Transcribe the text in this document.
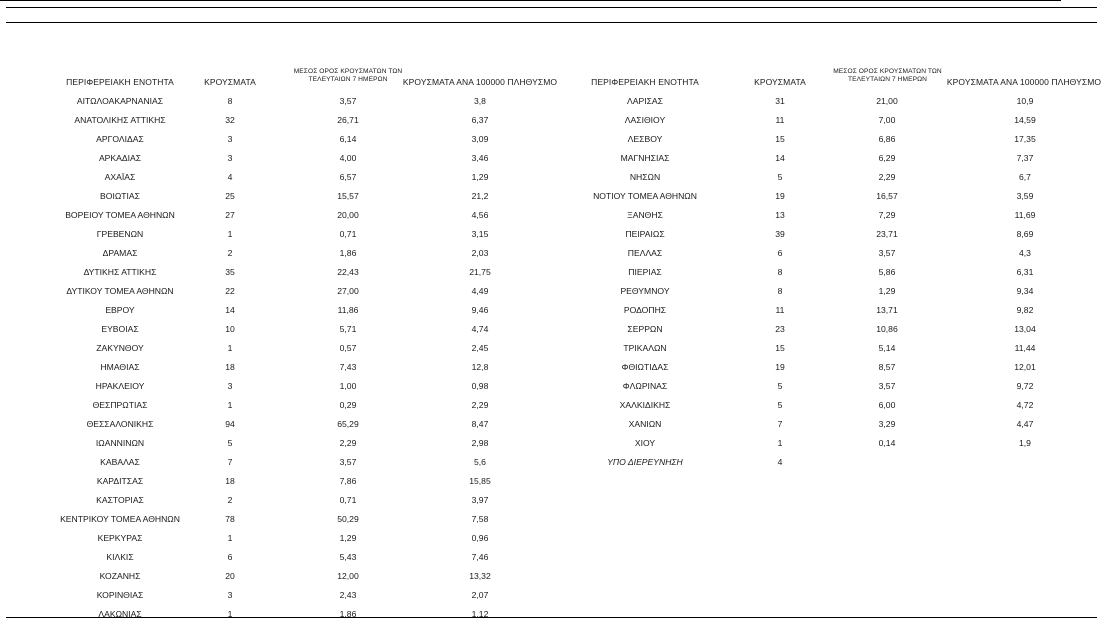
ΠΕΡΙΦΕΡΕΙΑΚΗ ΕΝΟΤΗΤΑ	ΚΡΟΥΣΜΑΤΑ
ΜΕΣΟΣ ΟΡΟΣ ΚΡΟΥΣΜΑΤΩΝ ΤΩΝ
ΤΕΛΕΥΤΑΙΩΝ 7 ΗΜΕΡΩΝ	ΚΡΟΥΣΜΑΤΑ ΑΝΑ 100000 ΠΛΗΘΥΣΜΟ	ΠΕΡΙΦΕΡΕΙΑΚΗ ΕΝΟΤΗΤΑ	ΚΡΟΥΣΜΑΤΑ
ΜΕΣΟΣ ΟΡΟΣ ΚΡΟΥΣΜΑΤΩΝ ΤΩΝ
ΤΕΛΕΥΤΑΙΩΝ 7 ΗΜΕΡΩΝ	ΚΡΟΥΣΜΑΤΑ ΑΝΑ 100000 ΠΛΗΘΥΣΜΟ
ΑΙΤΩΛΟΑΚΑΡΝΑΝΙΑΣ	8	3,57	3,8
ΑΝΑΤΟΛΙΚΗΣ ΑΤΤΙΚΗΣ	32	26,71	6,37
ΑΡΓΟΛΙΔΑΣ	3	6,14	3,09
ΑΡΚΑΔΙΑΣ	3	4,00	3,46
ΑΧΑΪΑΣ	4	6,57	1,29
ΒΟΙΩΤΙΑΣ	25	15,57	21,2
ΒΟΡΕΙΟΥ ΤΟΜΕΑ ΑΘΗΝΩΝ	27	20,00	4,56
ΓΡΕΒΕΝΩΝ	1	0,71	3,15
ΔΡΑΜΑΣ	2	1,86	2,03
ΔΥΤΙΚΗΣ ΑΤΤΙΚΗΣ	35	22,43	21,75
ΔΥΤΙΚΟΥ ΤΟΜΕΑ ΑΘΗΝΩΝ	22	27,00	4,49
ΕΒΡΟΥ	14	11,86	9,46
ΕΥΒΟΙΑΣ	10	5,71	4,74
ΖΑΚΥΝΘΟΥ	1	0,57	2,45
ΗΜΑΘΙΑΣ	18	7,43	12,8
ΗΡΑΚΛΕΙΟΥ	3	1,00	0,98
ΘΕΣΠΡΩΤΙΑΣ	1	0,29	2,29
ΘΕΣΣΑΛΟΝΙΚΗΣ	94	65,29	8,47
ΙΩΑΝΝΙΝΩΝ	5	2,29	2,98
ΚΑΒΑΛΑΣ	7	3,57	5,6
ΚΑΡΔΙΤΣΑΣ	18	7,86	15,85
ΚΑΣΤΟΡΙΑΣ	2	0,71	3,97
ΚΕΝΤΡΙΚΟΥ ΤΟΜΕΑ ΑΘΗΝΩΝ	78	50,29	7,58
ΚΕΡΚΥΡΑΣ	1	1,29	0,96
ΚΙΛΚΙΣ	6	5,43	7,46
ΚΟΖΑΝΗΣ	20	12,00	13,32
ΚΟΡΙΝΘΙΑΣ	3	2,43	2,07
ΛΑΚΩΝΙΑΣ	1	1,86	1,12
ΛΑΡΙΣΑΣ	31	21,00	10,9
ΛΑΣΙΘΙΟΥ	11	7,00	14,59
ΛΕΣΒΟΥ	15	6,86	17,35
ΜΑΓΝΗΣΙΑΣ	14	6,29	7,37
ΝΗΣΩΝ	5	2,29	6,7
ΝΟΤΙΟΥ ΤΟΜΕΑ ΑΘΗΝΩΝ	19	16,57	3,59
ΞΑΝΘΗΣ	13	7,29	11,69
ΠΕΙΡΑΙΩΣ	39	23,71	8,69
ΠΕΛΛΑΣ	6	3,57	4,3
ΠΙΕΡΙΑΣ	8	5,86	6,31
ΡΕΘΥΜΝΟΥ	8	1,29	9,34
ΡΟΔΟΠΗΣ	11	13,71	9,82
ΣΕΡΡΩΝ	23	10,86	13,04
ΤΡΙΚΑΛΩΝ	15	5,14	11,44
ΦΘΙΩΤΙΔΑΣ	19	8,57	12,01
ΦΛΩΡΙΝΑΣ	5	3,57	9,72
ΧΑΛΚΙΔΙΚΗΣ	5	6,00	4,72
ΧΑΝΙΩΝ	7	3,29	4,47
ΧΙΟΥ	1	0,14	1,9
ΥΠΟ ΔΙΕΡΕΥΝΗΣΗ	4
